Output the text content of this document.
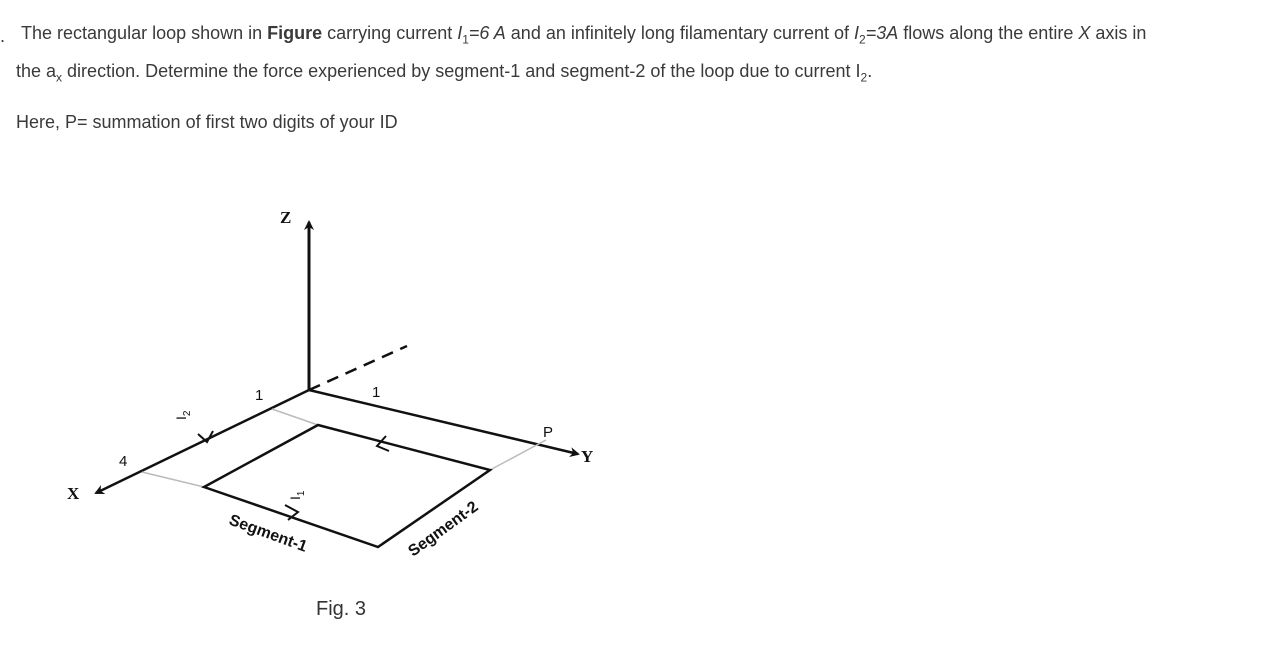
. The rectangular loop shown in Figure carrying current $I_1=6$ A and an infinitely long filamentary current of $I_2=3A$ flows along the entire X axis in

the $a_x$ direction. Determine the force experienced by segment-1 and segment-2 of the loop due to current $I_2$.

Here, P= summation of first two digits of your ID
Z
X
Y
1	1
4
P
$I_2$
$I_1$
Segment-1	Segment-2
Fig. 3
